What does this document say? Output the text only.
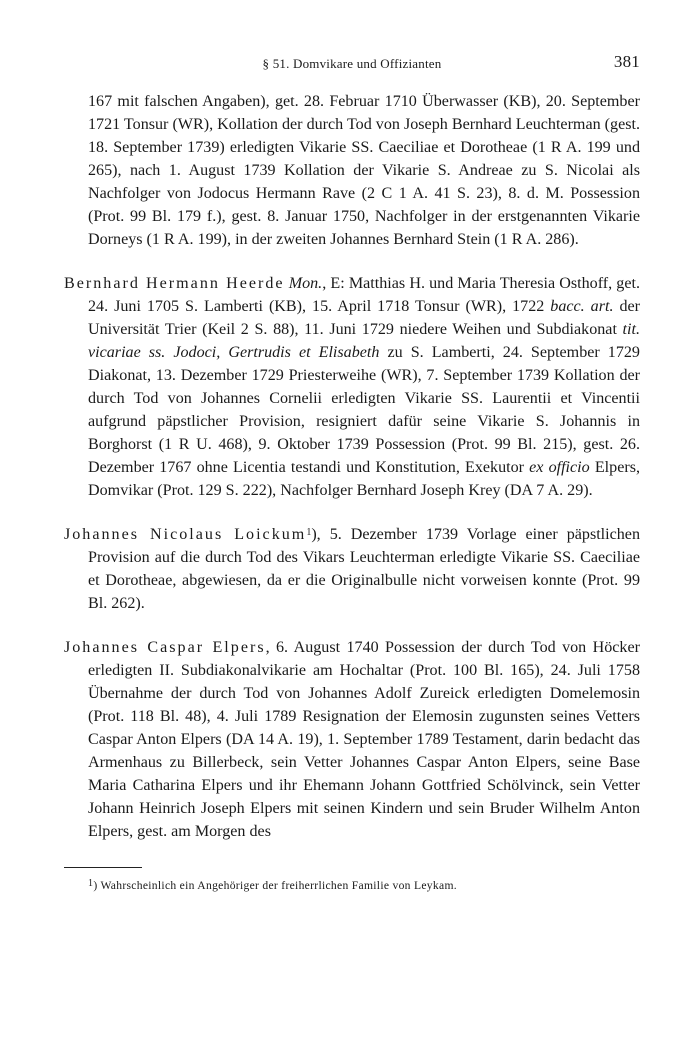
§ 51. Domvikare und Offizianten	381

167 mit falschen Angaben), get. 28. Februar 1710 Überwasser (KB), 20. September 1721 Tonsur (WR), Kollation der durch Tod von Joseph Bernhard Leuchterman (gest. 18. September 1739) erledigten Vikarie SS. Caeciliae et Dorotheae (1 R A. 199 und 265), nach 1. August 1739 Kollation der Vikarie S. Andreae zu S. Nicolai als Nachfolger von Jodocus Hermann Rave (2 C 1 A. 41 S. 23), 8. d. M. Possession (Prot. 99 Bl. 179 f.), gest. 8. Januar 1750, Nachfolger in der erstgenannten Vikarie Dorneys (1 R A. 199), in der zweiten Johannes Bernhard Stein (1 R A. 286).

Bernhard Hermann Heerde Mon., E: Matthias H. und Maria Theresia Osthoff, get. 24. Juni 1705 S. Lamberti (KB), 15. April 1718 Tonsur (WR), 1722 bacc. art. der Universität Trier (Keil 2 S. 88), 11. Juni 1729 niedere Weihen und Subdiakonat tit. vicariae ss. Jodoci, Gertrudis et Elisabeth zu S. Lamberti, 24. September 1729 Diakonat, 13. Dezember 1729 Priesterweihe (WR), 7. September 1739 Kollation der durch Tod von Johannes Cornelii erledigten Vikarie SS. Laurentii et Vincentii aufgrund päpstlicher Provision, resigniert dafür seine Vikarie S. Johannis in Borghorst (1 R U. 468), 9. Oktober 1739 Possession (Prot. 99 Bl. 215), gest. 26. Dezember 1767 ohne Licentia testandi und Konstitution, Exekutor ex officio Elpers, Domvikar (Prot. 129 S. 222), Nachfolger Bernhard Joseph Krey (DA 7 A. 29).

Johannes Nicolaus Loickum$^1$), 5. Dezember 1739 Vorlage einer päpstlichen Provision auf die durch Tod des Vikars Leuchterman erledigte Vikarie SS. Caeciliae et Dorotheae, abgewiesen, da er die Originalbulle nicht vorweisen konnte (Prot. 99 Bl. 262).

Johannes Caspar Elpers, 6. August 1740 Possession der durch Tod von Höcker erledigten II. Subdiakonalvikarie am Hochaltar (Prot. 100 Bl. 165), 24. Juli 1758 Übernahme der durch Tod von Johannes Adolf Zureick erledigten Domelemosin (Prot. 118 Bl. 48), 4. Juli 1789 Resignation der Elemosin zugunsten seines Vetters Caspar Anton Elpers (DA 14 A. 19), 1. September 1789 Testament, darin bedacht das Armenhaus zu Billerbeck, sein Vetter Johannes Caspar Anton Elpers, seine Base Maria Catharina Elpers und ihr Ehemann Johann Gottfried Schölvinck, sein Vetter Johann Heinrich Joseph Elpers mit seinen Kindern und sein Bruder Wilhelm Anton Elpers, gest. am Morgen des

$^1$) Wahrscheinlich ein Angehöriger der freiherrlichen Familie von Leykam.
